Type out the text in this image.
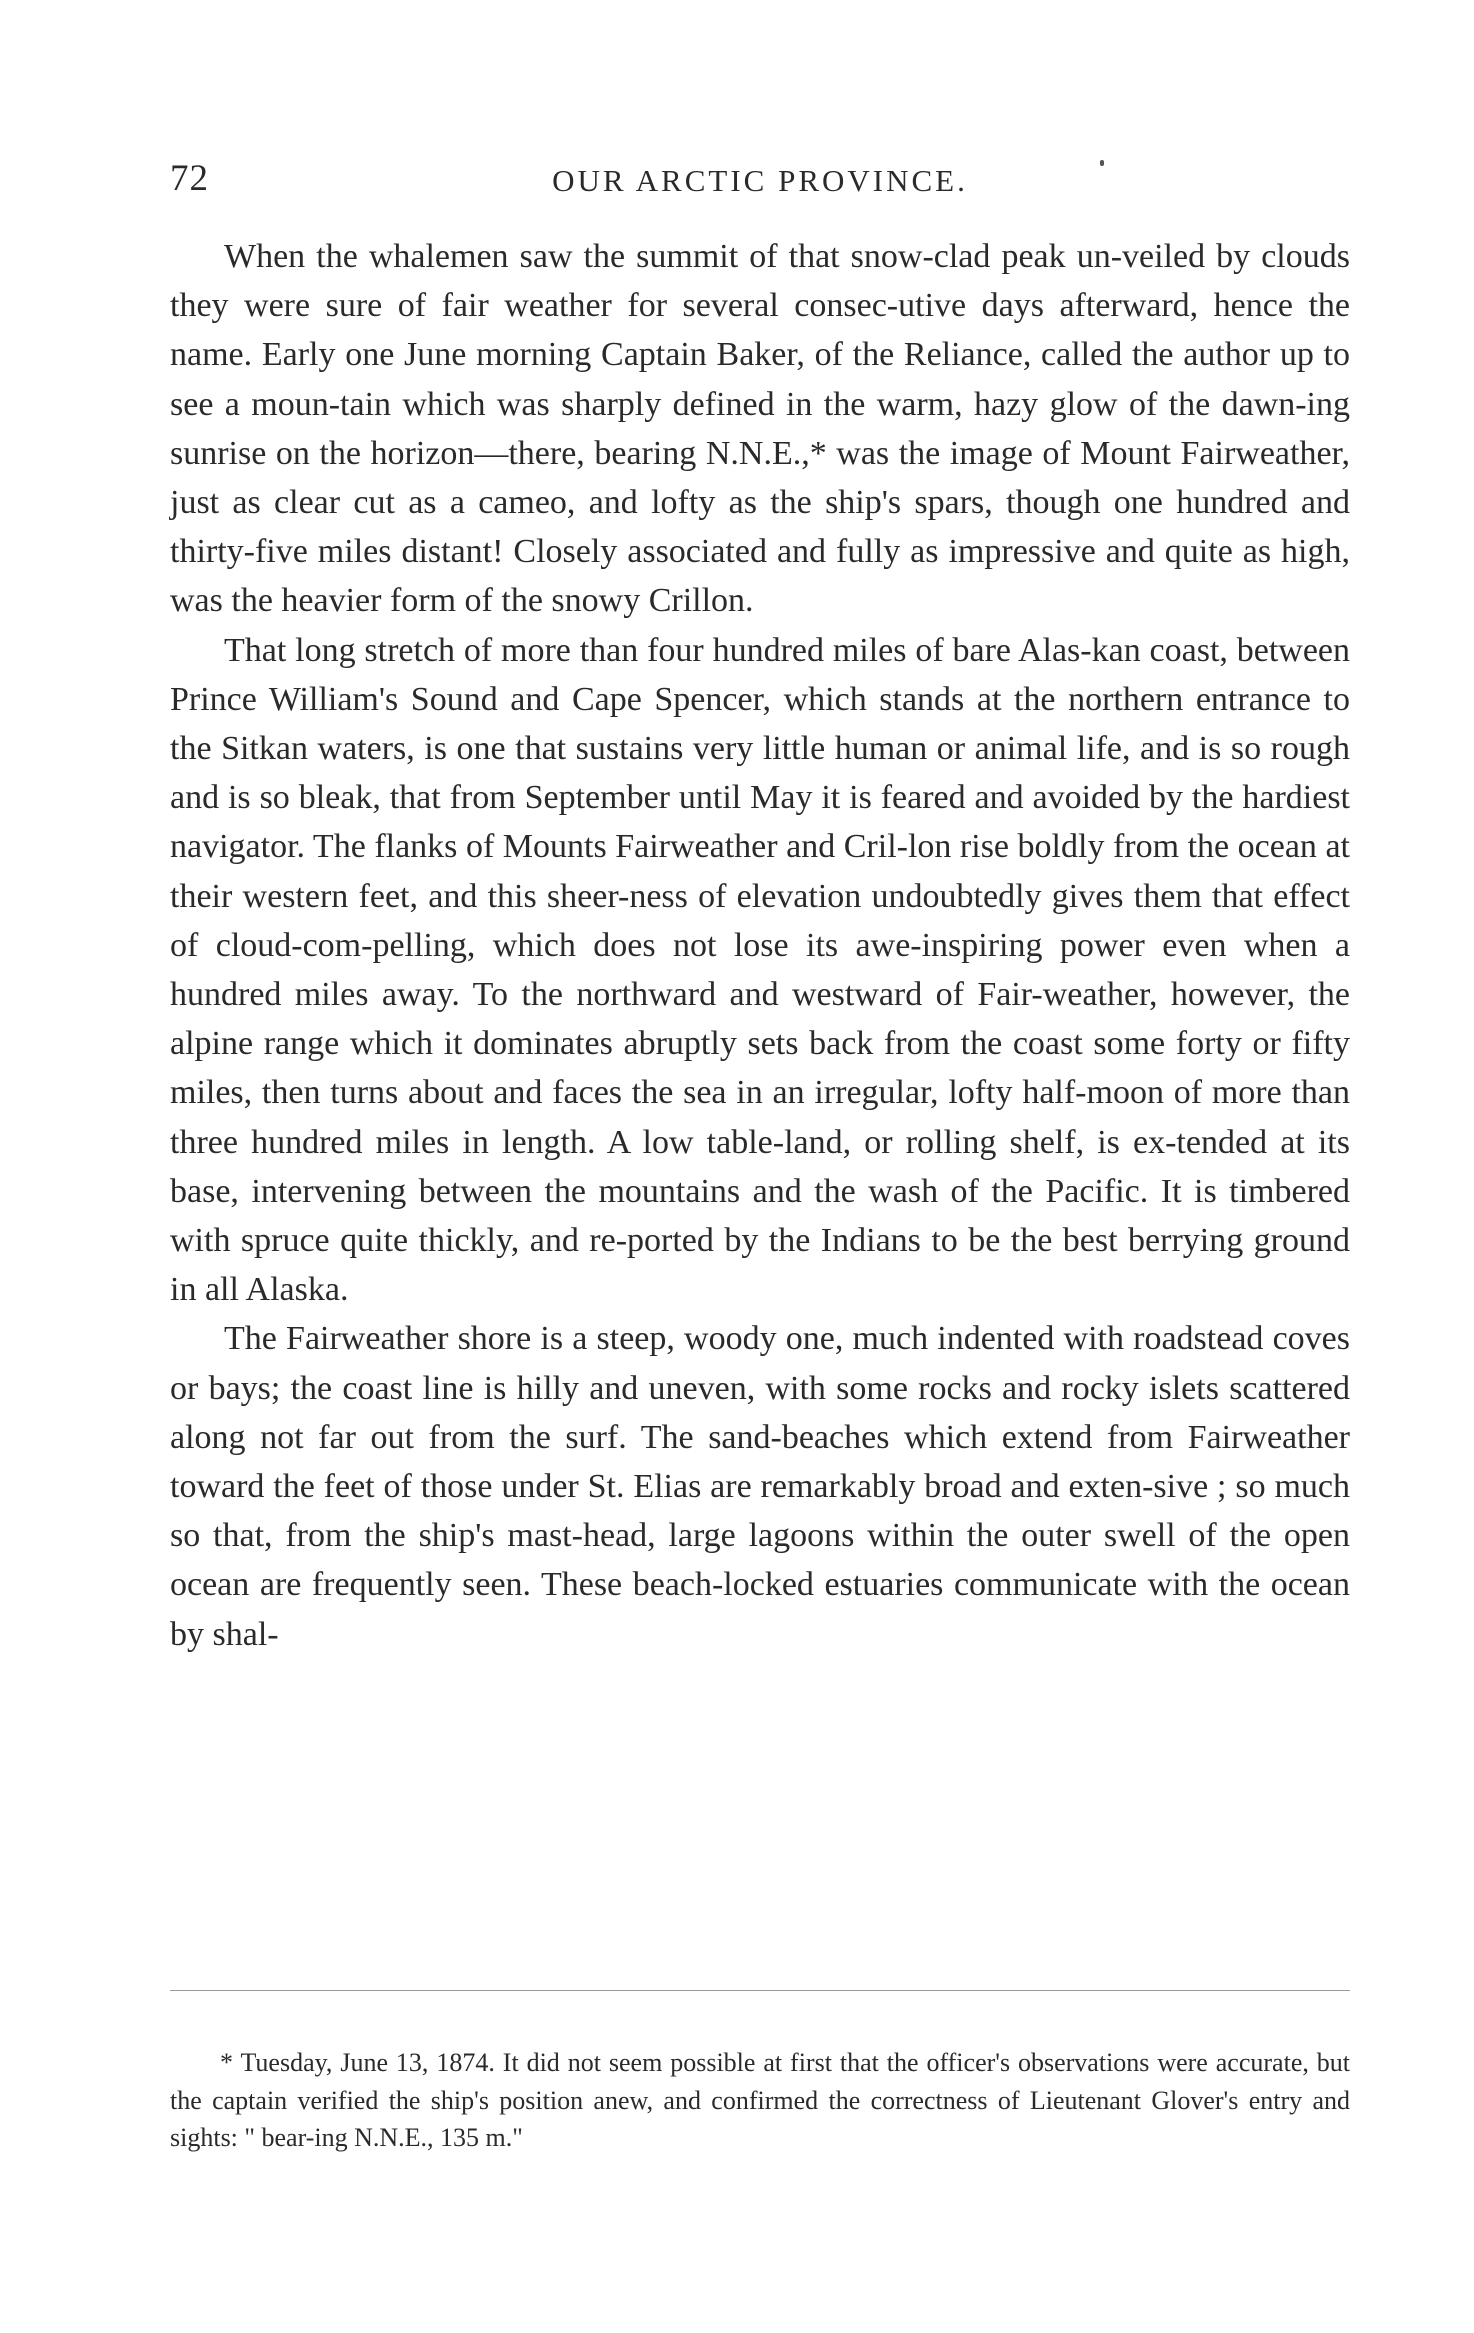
72	OUR ARCTIC PROVINCE.

When the whalemen saw the summit of that snow-clad peak un-veiled by clouds they were sure of fair weather for several consec-utive days afterward, hence the name. Early one June morning Captain Baker, of the Reliance, called the author up to see a moun-tain which was sharply defined in the warm, hazy glow of the dawn-ing sunrise on the horizon—there, bearing N.N.E.,* was the image of Mount Fairweather, just as clear cut as a cameo, and lofty as the ship's spars, though one hundred and thirty-five miles distant! Closely associated and fully as impressive and quite as high, was the heavier form of the snowy Crillon.

That long stretch of more than four hundred miles of bare Alas-kan coast, between Prince William's Sound and Cape Spencer, which stands at the northern entrance to the Sitkan waters, is one that sustains very little human or animal life, and is so rough and is so bleak, that from September until May it is feared and avoided by the hardiest navigator. The flanks of Mounts Fairweather and Cril-lon rise boldly from the ocean at their western feet, and this sheer-ness of elevation undoubtedly gives them that effect of cloud-com-pelling, which does not lose its awe-inspiring power even when a hundred miles away. To the northward and westward of Fair-weather, however, the alpine range which it dominates abruptly sets back from the coast some forty or fifty miles, then turns about and faces the sea in an irregular, lofty half-moon of more than three hundred miles in length. A low table-land, or rolling shelf, is ex-tended at its base, intervening between the mountains and the wash of the Pacific. It is timbered with spruce quite thickly, and re-ported by the Indians to be the best berrying ground in all Alaska.

The Fairweather shore is a steep, woody one, much indented with roadstead coves or bays; the coast line is hilly and uneven, with some rocks and rocky islets scattered along not far out from the surf. The sand-beaches which extend from Fairweather toward the feet of those under St. Elias are remarkably broad and exten-sive ; so much so that, from the ship's mast-head, large lagoons within the outer swell of the open ocean are frequently seen. These beach-locked estuaries communicate with the ocean by shal-

* Tuesday, June 13, 1874. It did not seem possible at first that the officer's observations were accurate, but the captain verified the ship's position anew, and confirmed the correctness of Lieutenant Glover's entry and sights: " bear-ing N.N.E., 135 m."
